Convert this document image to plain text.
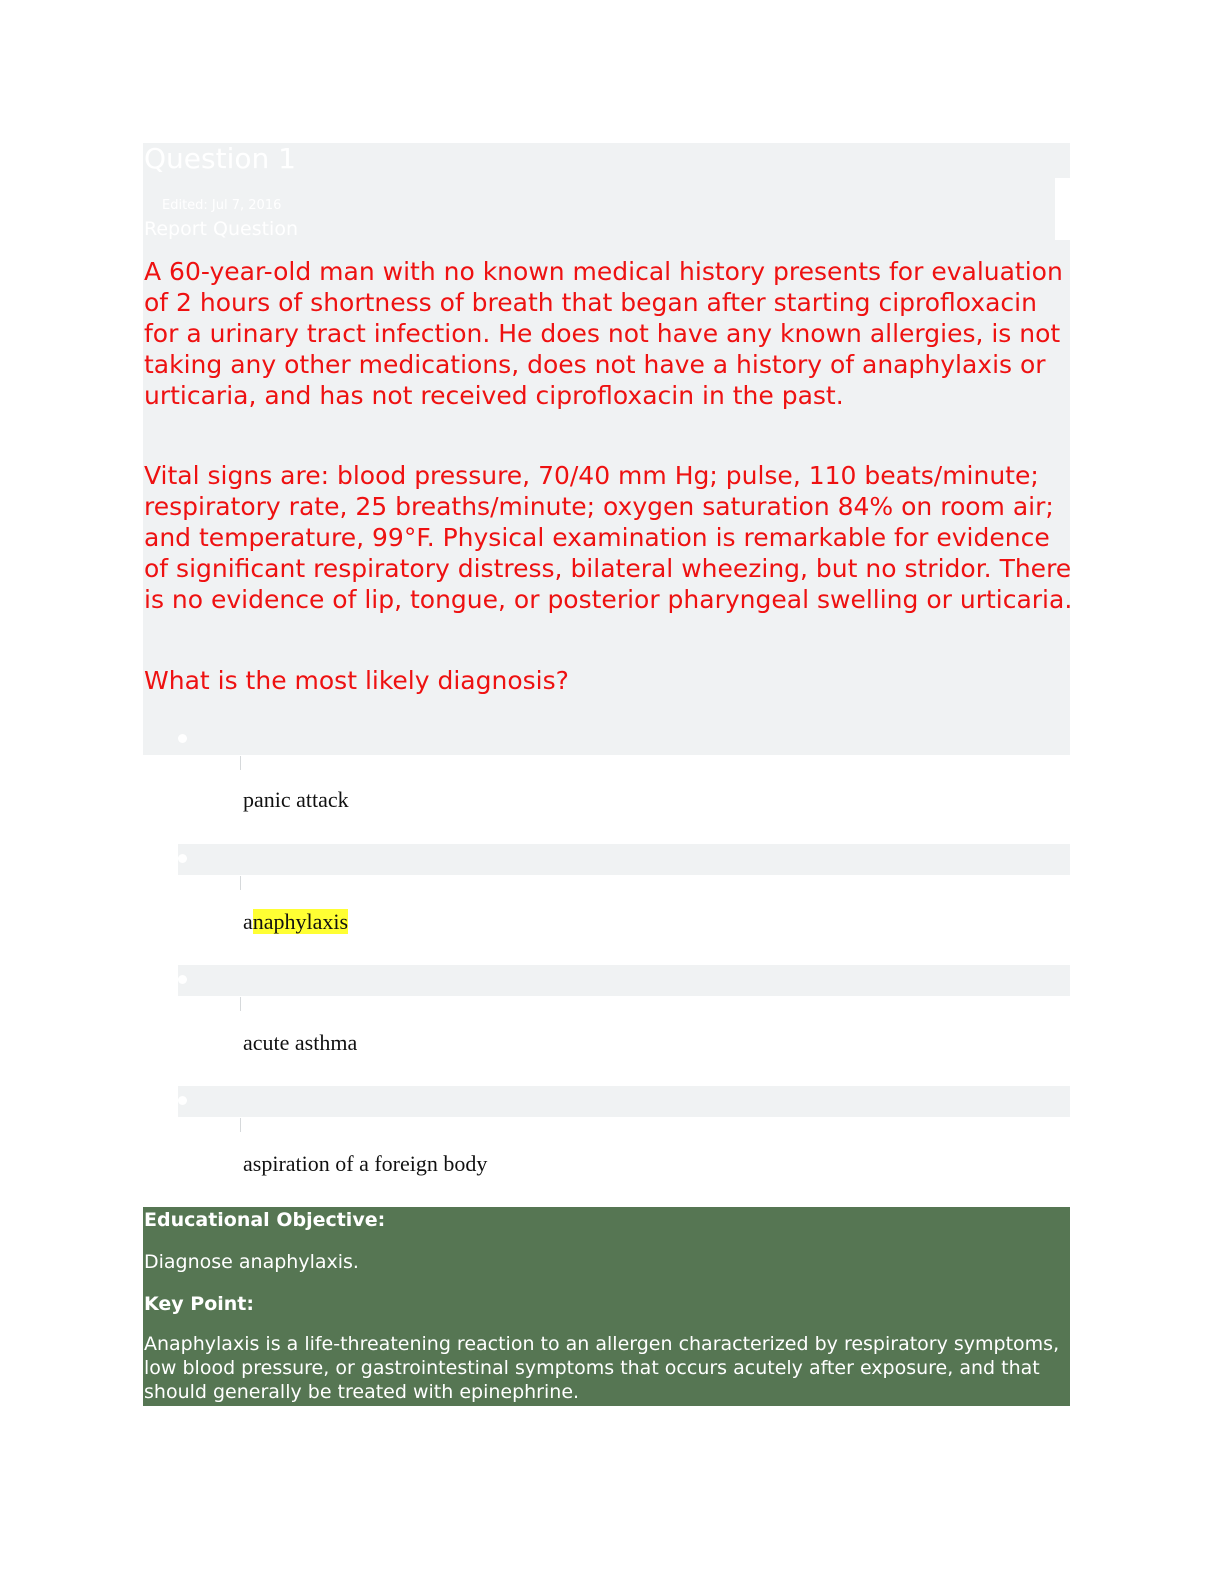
Question 1
Edited: Jul 7, 2016
Report Question

A 60-year-old man with no known medical history presents for evaluation of 2 hours of shortness of breath that began after starting ciprofloxacin for a urinary tract infection. He does not have any known allergies, is not taking any other medications, does not have a history of anaphylaxis or urticaria, and has not received ciprofloxacin in the past.

Vital signs are: blood pressure, 70/40 mm Hg; pulse, 110 beats/minute; respiratory rate, 25 breaths/minute; oxygen saturation 84% on room air; and temperature, 99°F. Physical examination is remarkable for evidence of significant respiratory distress, bilateral wheezing, but no stridor. There is no evidence of lip, tongue, or posterior pharyngeal swelling or urticaria.

What is the most likely diagnosis?

panic attack
anaphylaxis
acute asthma
aspiration of a foreign body

Educational Objective:

Diagnose anaphylaxis.

Key Point:

Anaphylaxis is a life-threatening reaction to an allergen characterized by respiratory symptoms, low blood pressure, or gastrointestinal symptoms that occurs acutely after exposure, and that should generally be treated with epinephrine.
